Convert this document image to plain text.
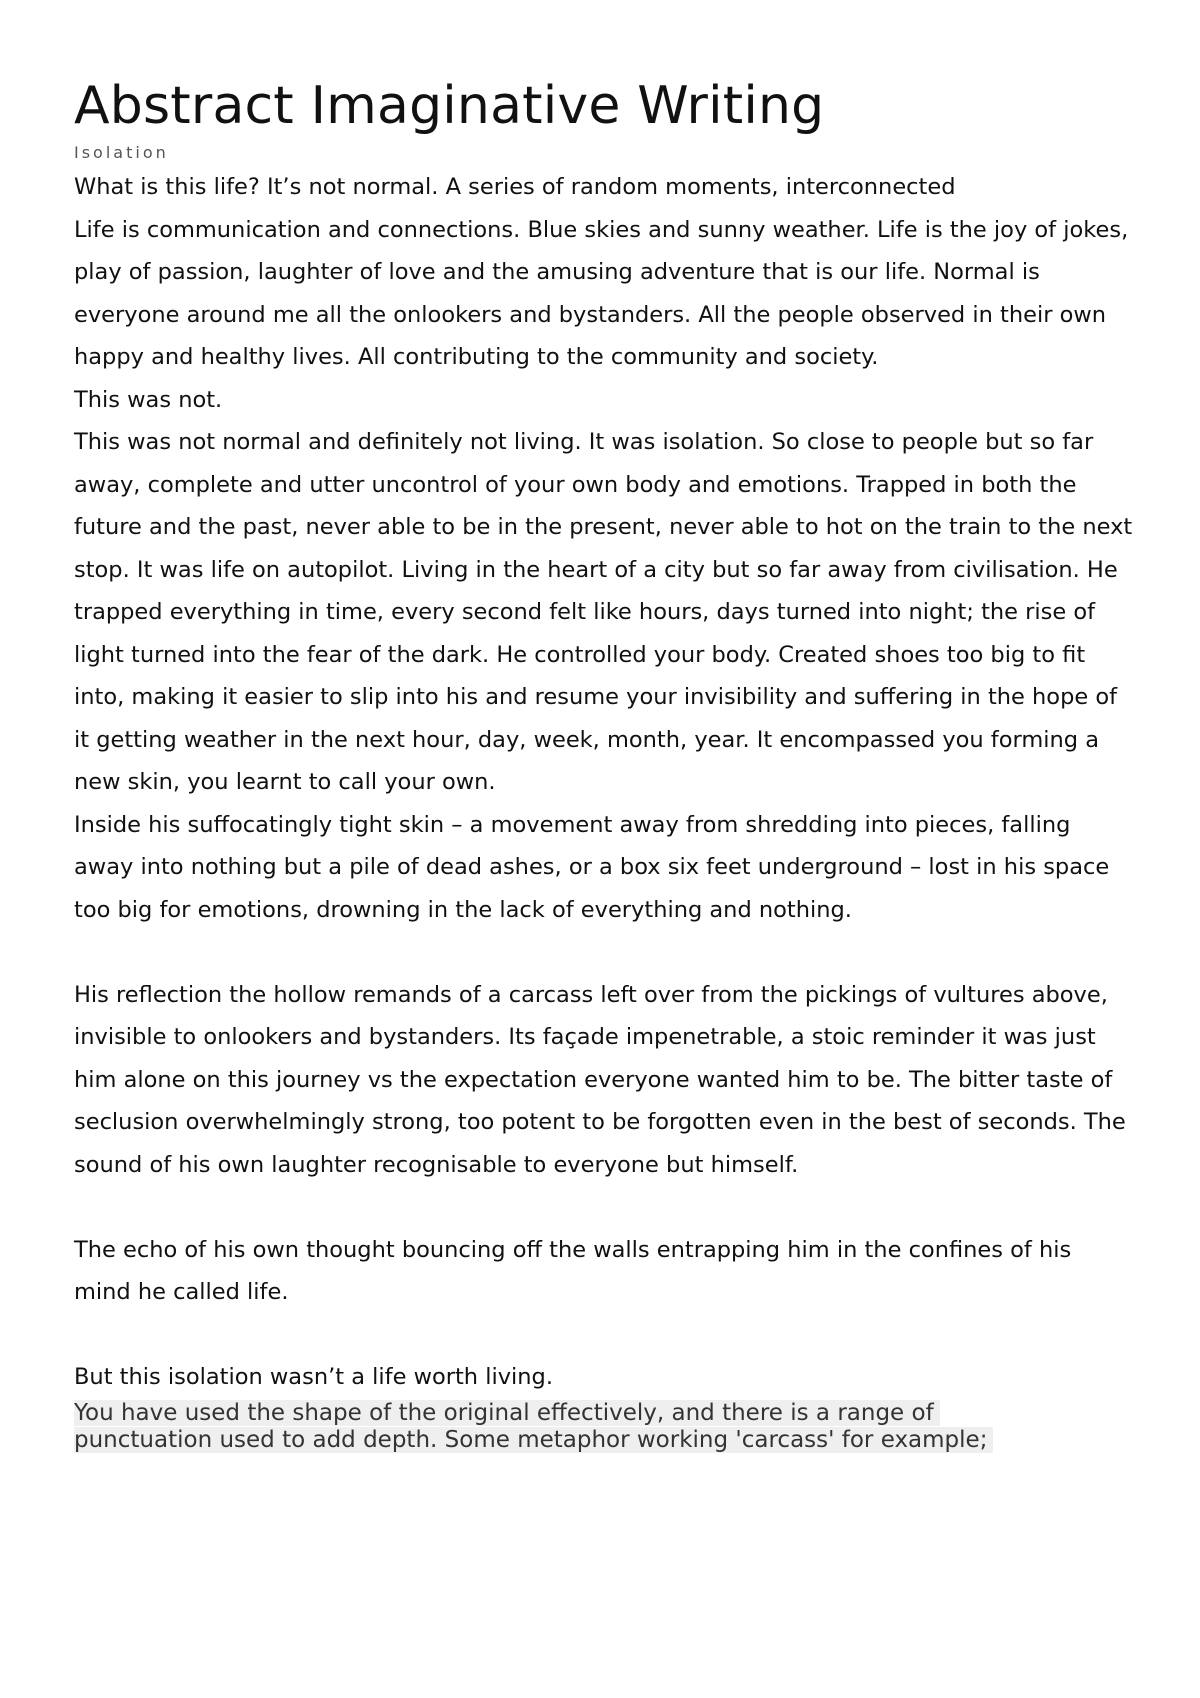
Abstract Imaginative Writing
Isolation

What is this life? It’s not normal. A series of random moments, interconnected

Life is communication and connections. Blue skies and sunny weather. Life is the joy of jokes, play of passion, laughter of love and the amusing adventure that is our life. Normal is everyone around me all the onlookers and bystanders. All the people observed in their own happy and healthy lives. All contributing to the community and society.

This was not.

This was not normal and definitely not living. It was isolation. So close to people but so far away, complete and utter uncontrol of your own body and emotions. Trapped in both the future and the past, never able to be in the present, never able to hot on the train to the next stop. It was life on autopilot. Living in the heart of a city but so far away from civilisation. He trapped everything in time, every second felt like hours, days turned into night; the rise of light turned into the fear of the dark. He controlled your body. Created shoes too big to fit into, making it easier to slip into his and resume your invisibility and suffering in the hope of it getting weather in the next hour, day, week, month, year. It encompassed you forming a new skin, you learnt to call your own.

Inside his suffocatingly tight skin – a movement away from shredding into pieces, falling away into nothing but a pile of dead ashes, or a box six feet underground – lost in his space too big for emotions, drowning in the lack of everything and nothing.

His reflection the hollow remands of a carcass left over from the pickings of vultures above, invisible to onlookers and bystanders. Its façade impenetrable, a stoic reminder it was just him alone on this journey vs the expectation everyone wanted him to be. The bitter taste of seclusion overwhelmingly strong, too potent to be forgotten even in the best of seconds. The sound of his own laughter recognisable to everyone but himself.

The echo of his own thought bouncing off the walls entrapping him in the confines of his mind he called life.

But this isolation wasn’t a life worth living.

You have used the shape of the original effectively, and there is a range of
punctuation used to add depth. Some metaphor working 'carcass' for example;
